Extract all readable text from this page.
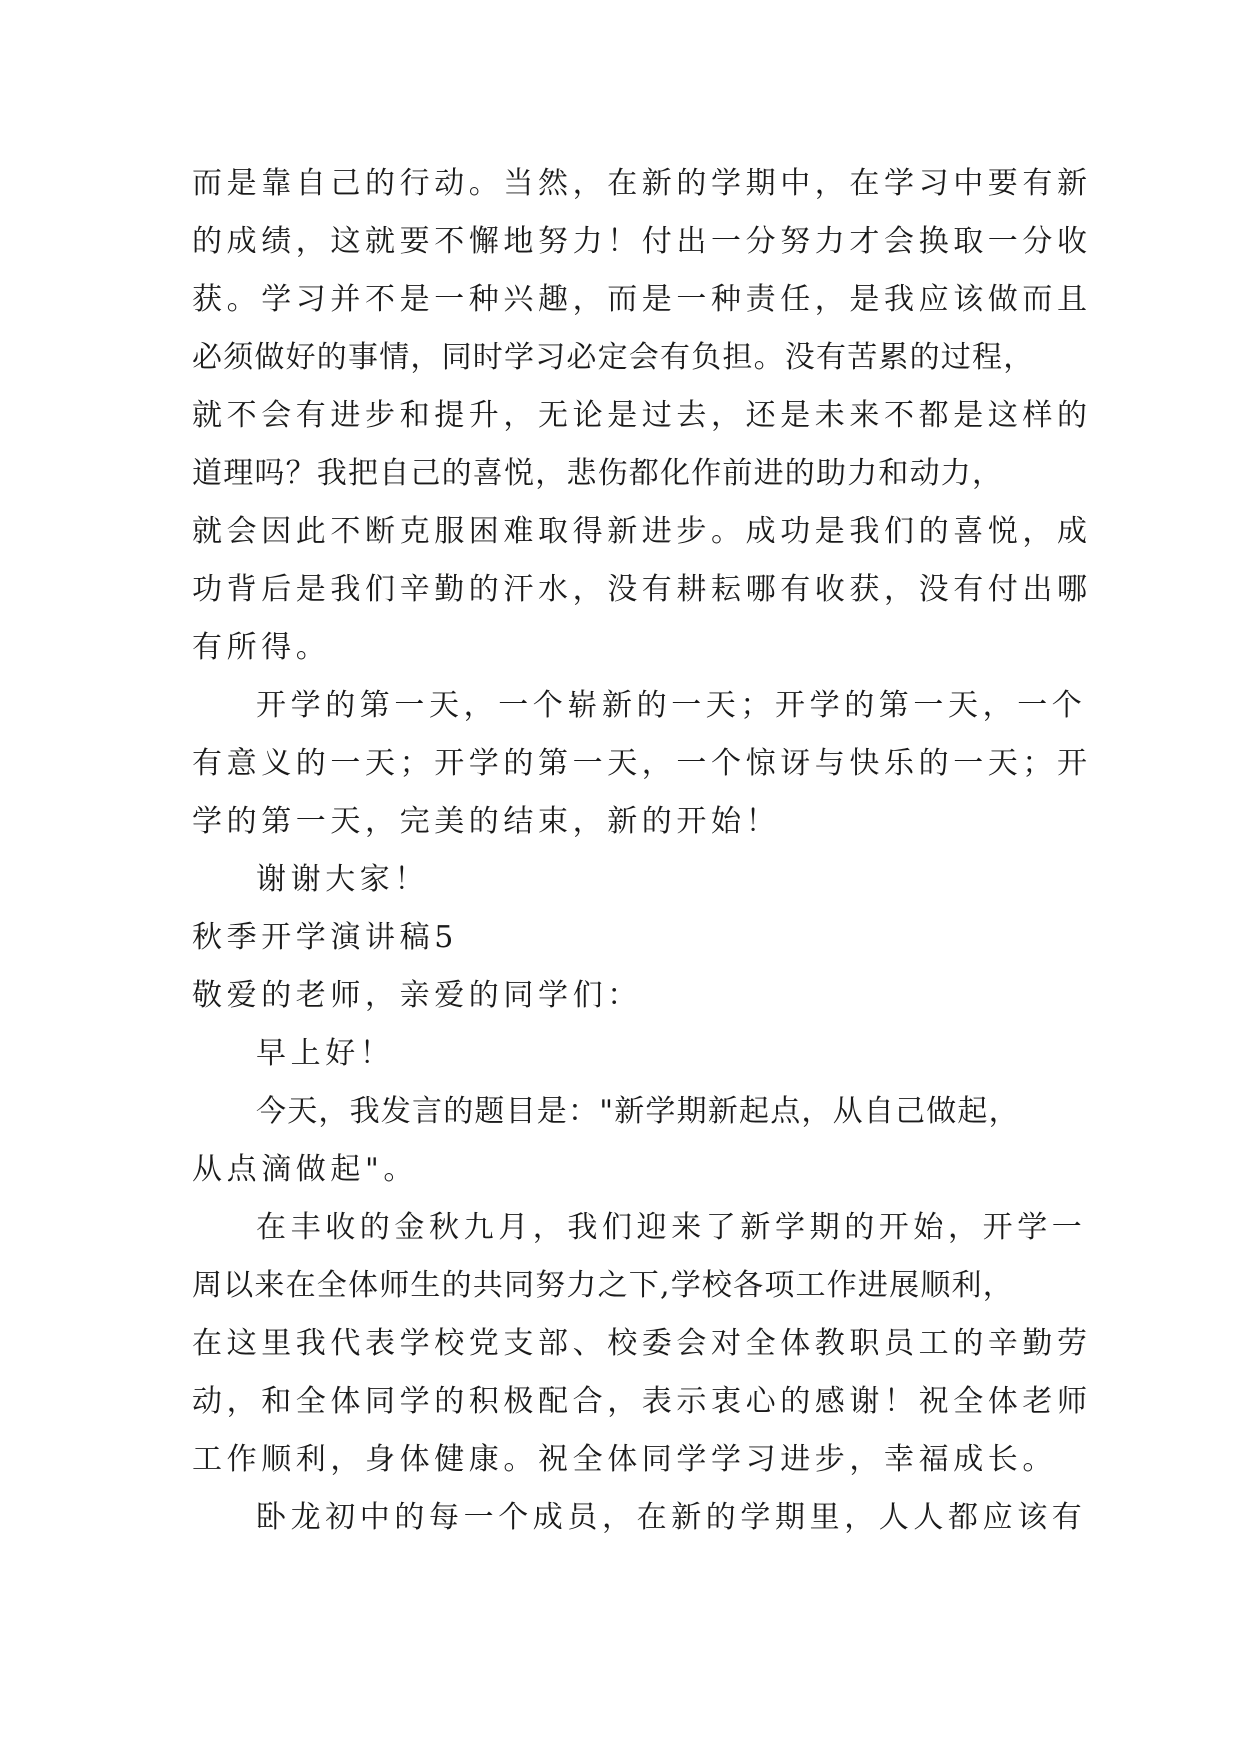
而是靠自己的行动。当然，在新的学期中，在学习中要有新
的成绩，这就要不懈地努力！付出一分努力才会换取一分收
获。学习并不是一种兴趣，而是一种责任，是我应该做而且
必须做好的事情，同时学习必定会有负担。没有苦累的过程，
就不会有进步和提升，无论是过去，还是未来不都是这样的
道理吗？我把自己的喜悦，悲伤都化作前进的助力和动力，
就会因此不断克服困难取得新进步。成功是我们的喜悦，成
功背后是我们辛勤的汗水，没有耕耘哪有收获，没有付出哪
有所得。
开学的第一天，一个崭新的一天；开学的第一天，一个
有意义的一天；开学的第一天，一个惊讶与快乐的一天；开
学的第一天，完美的结束，新的开始！
谢谢大家！
秋季开学演讲稿5
敬爱的老师，亲爱的同学们：
早上好！
今天，我发言的题目是："新学期新起点，从自己做起，
从点滴做起"。
在丰收的金秋九月，我们迎来了新学期的开始，开学一
周以来在全体师生的共同努力之下,学校各项工作进展顺利，
在这里我代表学校党支部、校委会对全体教职员工的辛勤劳
动，和全体同学的积极配合，表示衷心的感谢！祝全体老师
工作顺利，身体健康。祝全体同学学习进步，幸福成长。
卧龙初中的每一个成员，在新的学期里，人人都应该有
